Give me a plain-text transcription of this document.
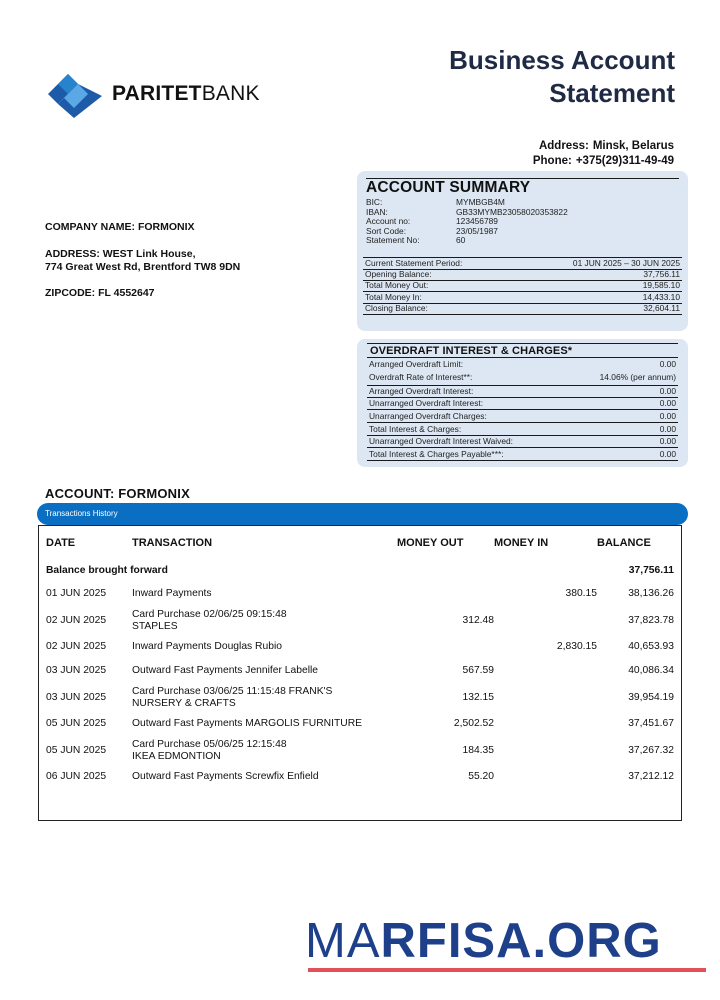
PARITETBANK
Business Account
Statement
Address: Minsk, Belarus
Phone: +375(29)311-49-49
COMPANY NAME: FORMONIX
ADDRESS: WEST Link House,
774 Great West Rd, Brentford TW8 9DN
ZIPCODE: FL 4552647
ACCOUNT SUMMARY
BIC:	MYMBGB4M
IBAN:	GB33MYMB23058020353822
Account no:	123456789
Sort Code:	23/05/1987
Statement No:	60
Current Statement Period:	01 JUN 2025 – 30 JUN 2025
Opening Balance:	37,756.11
Total Money Out:	19,585.10
Total Money In:	14,433.10
Closing Balance:	32,604.11
OVERDRAFT INTEREST & CHARGES*
Arranged Overdraft Limit:	0.00
Overdraft Rate of Interest**:	14.06% (per annum)
Arranged Overdraft Interest:	0.00
Unarranged Overdraft Interest:	0.00
Unarranged Overdraft Charges:	0.00
Total Interest & Charges:	0.00
Unarranged Overdraft Interest Waived:	0.00
Total Interest & Charges Payable***:	0.00
ACCOUNT: FORMONIX
Transactions History
DATE	TRANSACTION	MONEY OUT	MONEY IN	BALANCE
Balance brought forward				37,756.11
01 JUN 2025	Inward Payments		380.15	38,136.26
02 JUN 2025	Card Purchase 02/06/25 09:15:48
STAPLES	312.48		37,823.78
02 JUN 2025	Inward Payments Douglas Rubio		2,830.15	40,653.93
03 JUN 2025	Outward Fast Payments Jennifer Labelle	567.59		40,086.34
03 JUN 2025	Card Purchase 03/06/25 11:15:48 FRANK'S
NURSERY & CRAFTS	132.15		39,954.19
05 JUN 2025	Outward Fast Payments MARGOLIS FURNITURE	2,502.52		37,451.67
05 JUN 2025	Card Purchase 05/06/25 12:15:48
IKEA EDMONTION	184.35		37,267.32
06 JUN 2025	Outward Fast Payments Screwfix Enfield	55.20		37,212.12
MARFISA.ORG
